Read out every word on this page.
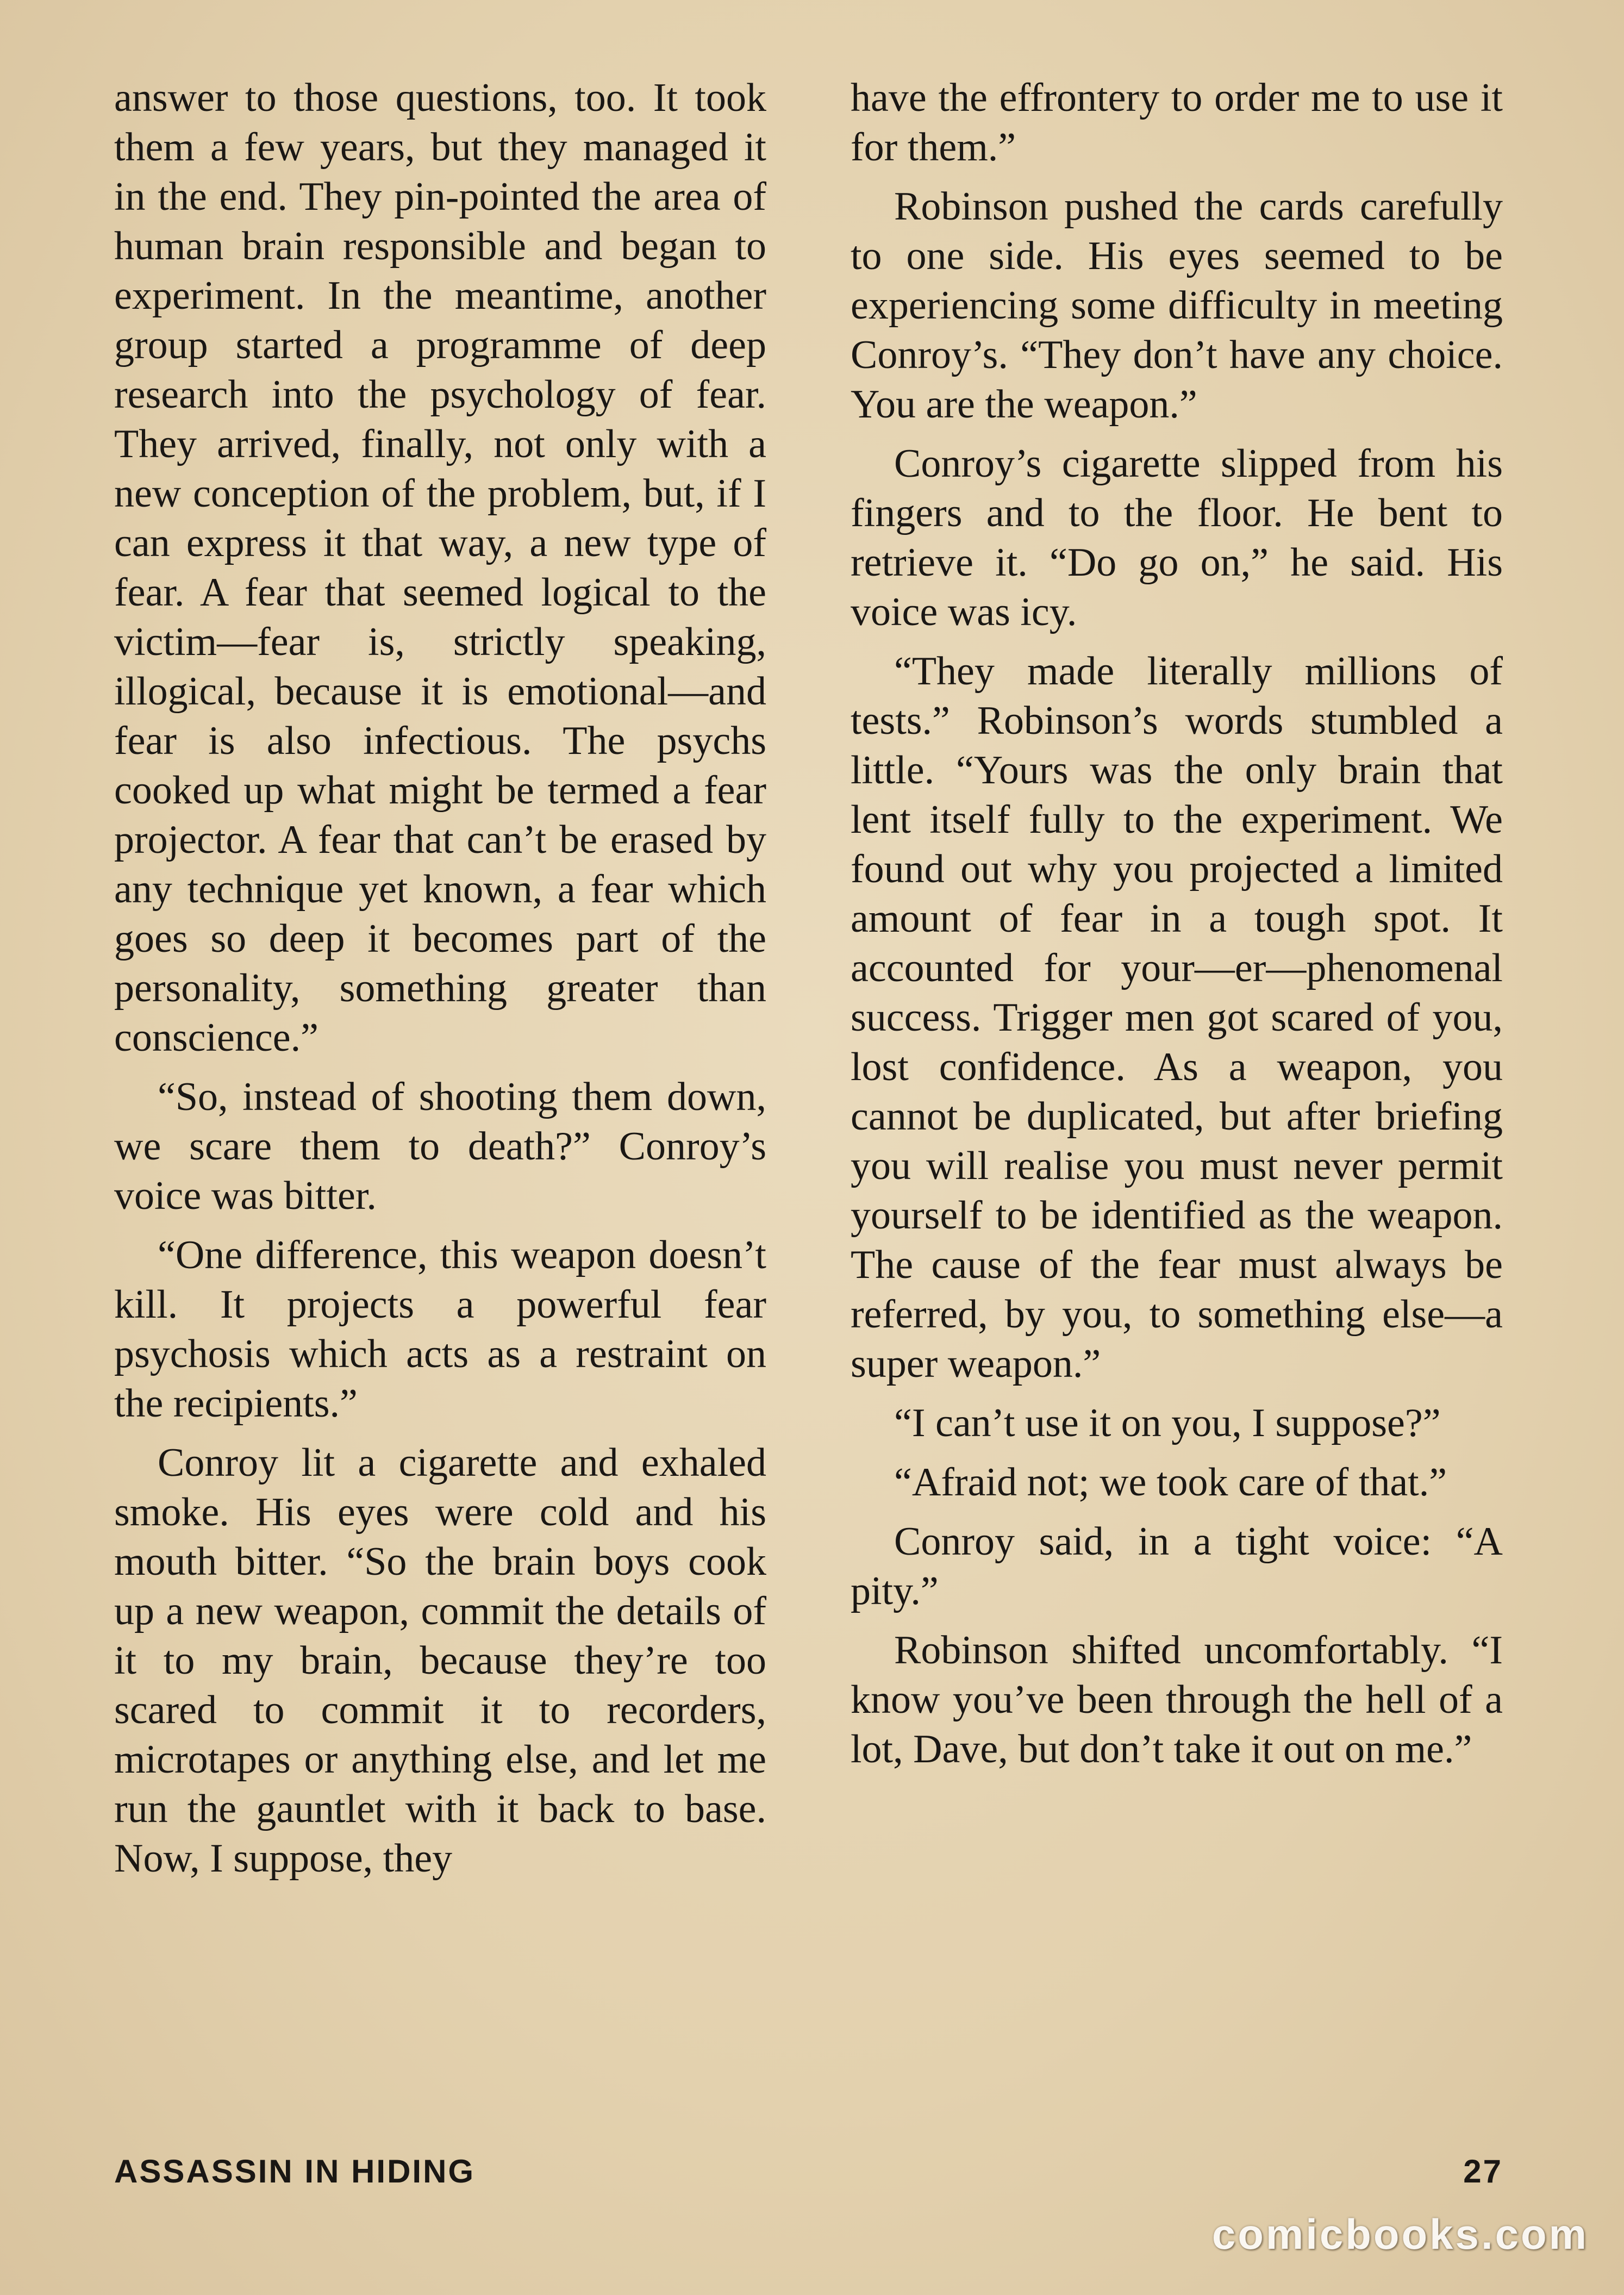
answer to those questions, too. It took them a few years, but they managed it in the end. They pin-pointed the area of human brain responsible and began to experiment. In the meantime, another group started a programme of deep research into the psychology of fear. They arrived, finally, not only with a new conception of the problem, but, if I can express it that way, a new type of fear. A fear that seemed logical to the victim—fear is, strictly speaking, illogical, because it is emotional—and fear is also infectious. The psychs cooked up what might be termed a fear projector. A fear that can’t be erased by any technique yet known, a fear which goes so deep it becomes part of the personality, something greater than conscience.”

“So, instead of shooting them down, we scare them to death?” Conroy’s voice was bitter.

“One difference, this weapon doesn’t kill. It projects a powerful fear psychosis which acts as a restraint on the recipients.”

Conroy lit a cigarette and exhaled smoke. His eyes were cold and his mouth bitter. “So the brain boys cook up a new weapon, commit the details of it to my brain, because they’re too scared to commit it to recorders, microtapes or anything else, and let me run the gauntlet with it back to base. Now, I suppose, they

have the effrontery to order me to use it for them.”

Robinson pushed the cards carefully to one side. His eyes seemed to be experiencing some difficulty in meeting Conroy’s. “They don’t have any choice. You are the weapon.”

Conroy’s cigarette slipped from his fingers and to the floor. He bent to retrieve it. “Do go on,” he said. His voice was icy.

“They made literally millions of tests.” Robinson’s words stumbled a little. “Yours was the only brain that lent itself fully to the experiment. We found out why you projected a limited amount of fear in a tough spot. It accounted for your—er—phenomenal success. Trigger men got scared of you, lost confidence. As a weapon, you cannot be duplicated, but after briefing you will realise you must never permit yourself to be identified as the weapon. The cause of the fear must always be referred, by you, to something else—a super weapon.”

“I can’t use it on you, I suppose?”

“Afraid not; we took care of that.”

Conroy said, in a tight voice: “A pity.”

Robinson shifted uncomfortably. “I know you’ve been through the hell of a lot, Dave, but don’t take it out on me.”

ASSASSIN IN HIDING	27
comicbooks.com
